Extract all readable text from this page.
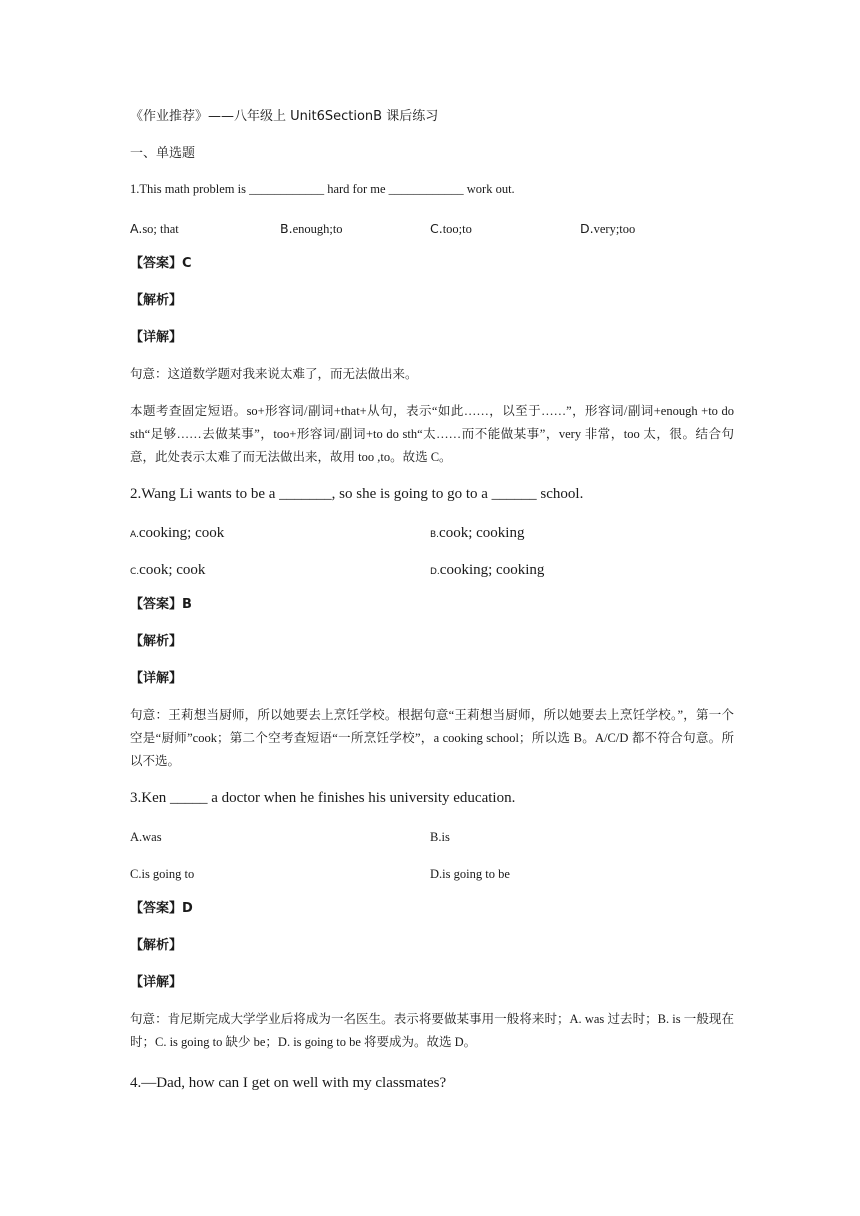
《作业推荐》——八年级上 Unit6SectionB 课后练习
一、单选题
1.This math problem is ____________ hard for me ____________ work out.
A.so; that	B.enough;to	C.too;to	D.very;too
【答案】C
【解析】
【详解】
句意：这道数学题对我来说太难了，而无法做出来。
本题考查固定短语。so+形容词/副词+that+从句，表示“如此……，以至于……”，形容词/副词+enough +to do sth“足够……去做某事”，too+形容词/副词+to do sth“太……而不能做某事”，very 非常，too 太，很。结合句意，此处表示太难了而无法做出来，故用 too ,to。故选 C。
2.Wang Li wants to be a _______, so she is going to go to a ______ school.
A.cooking; cook	B.cook; cooking
C.cook; cook	D.cooking; cooking
【答案】B
【解析】
【详解】
句意：王莉想当厨师，所以她要去上烹饪学校。根据句意“王莉想当厨师，所以她要去上烹饪学校。”，第一个空是“厨师”cook；第二个空考查短语“一所烹饪学校”，a cooking school；所以选 B。A/C/D 都不符合句意。所以不选。
3.Ken _____ a doctor when he finishes his university education.
A.was	B.is
C.is going to	D.is going to be
【答案】D
【解析】
【详解】
句意：肯尼斯完成大学学业后将成为一名医生。表示将要做某事用一般将来时；A. was 过去时；B. is 一般现在时；C. is going to 缺少 be；D. is going to be 将要成为。故选 D。
4.—Dad, how can I get on well with my classmates?
